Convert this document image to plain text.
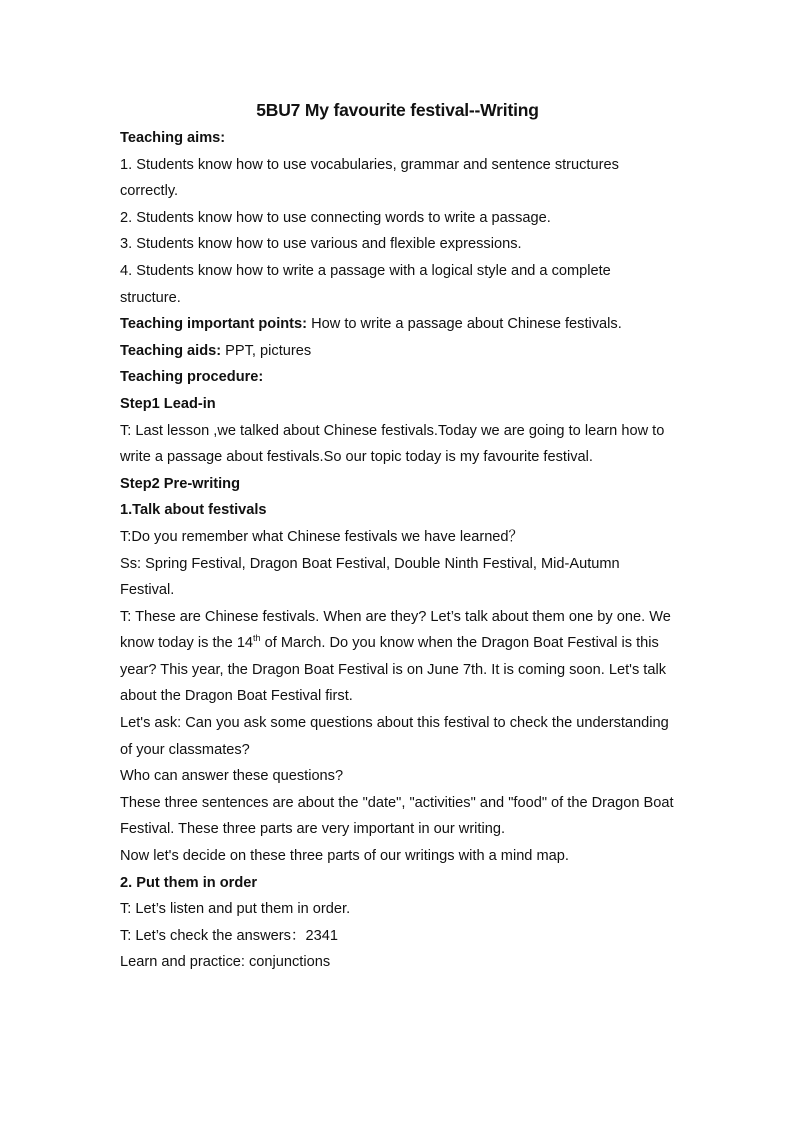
5BU7 My favourite festival--Writing
Teaching aims:
1. Students know how to use vocabularies, grammar and sentence structures correctly.
2. Students know how to use connecting words to write a passage.
3. Students know how to use various and flexible expressions.
4. Students know how to write a passage with a logical style and a complete structure.
Teaching important points: How to write a passage about Chinese festivals.
Teaching aids: PPT, pictures
Teaching procedure:
Step1 Lead-in
T: Last lesson ,we talked about Chinese festivals.Today we are going to learn how to write a passage about festivals.So our topic today is my favourite festival.
Step2 Pre-writing
1.Talk about festivals
T:Do you remember what Chinese festivals we have learned？
Ss: Spring Festival, Dragon Boat Festival, Double Ninth Festival, Mid-Autumn Festival.
T: These are Chinese festivals. When are they? Let’s talk about them one by one. We know today is the 14th of March. Do you know when the Dragon Boat Festival is this year? This year, the Dragon Boat Festival is on June 7th. It is coming soon. Let's talk about the Dragon Boat Festival first.
Let's ask: Can you ask some questions about this festival to check the understanding of your classmates?
Who can answer these questions?
These three sentences are about the "date", "activities" and "food" of the Dragon Boat Festival. These three parts are very important in our writing.
Now let's decide on these three parts of our writings with a mind map.
2. Put them in order
T: Let’s listen and put them in order.
T: Let’s check the answers：2341
Learn and practice: conjunctions
